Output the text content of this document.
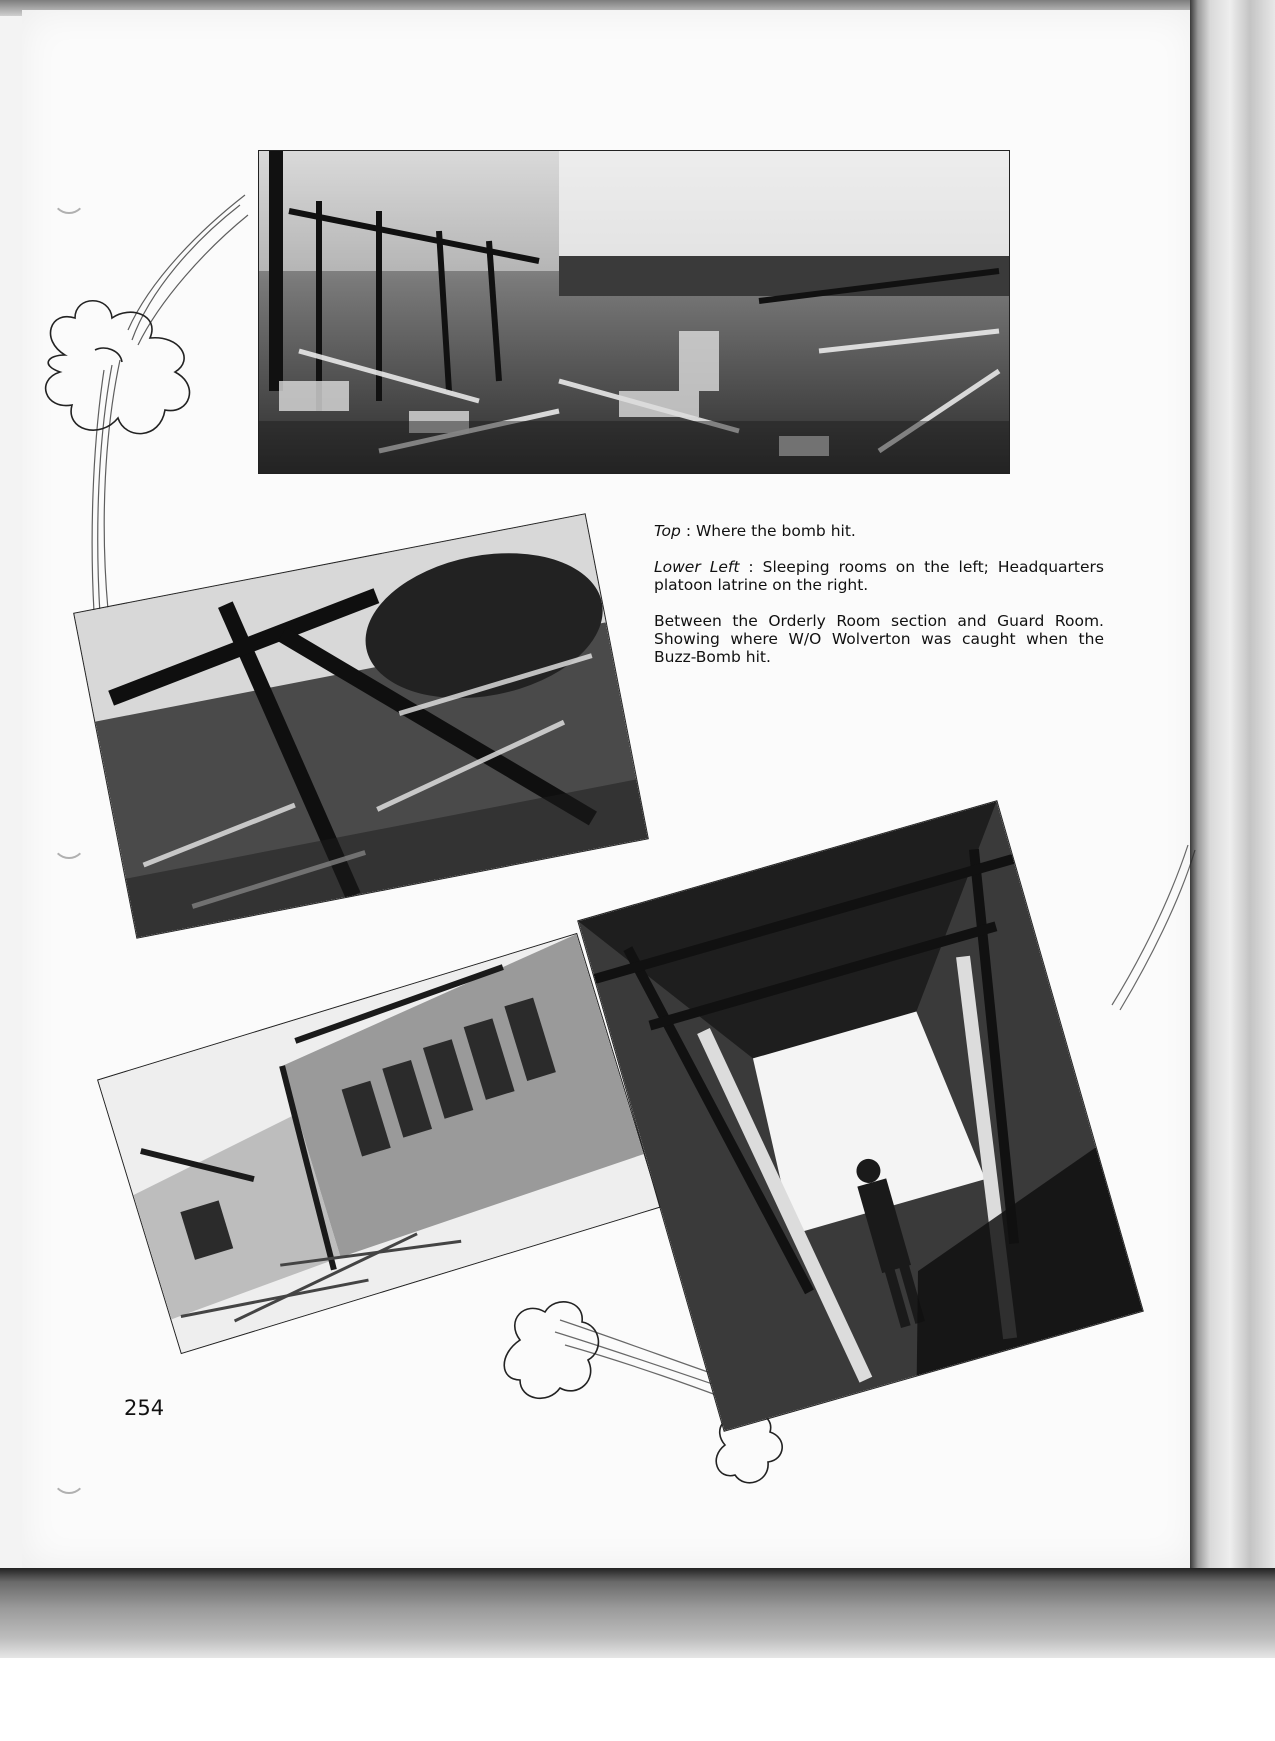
Top : Where the bomb hit.

Lower Left : Sleeping rooms on the left; Headquarters platoon latrine on the right.

Between the Orderly Room section and Guard Room. Showing where W/O Wolverton was caught when the Buzz-Bomb hit.

254
